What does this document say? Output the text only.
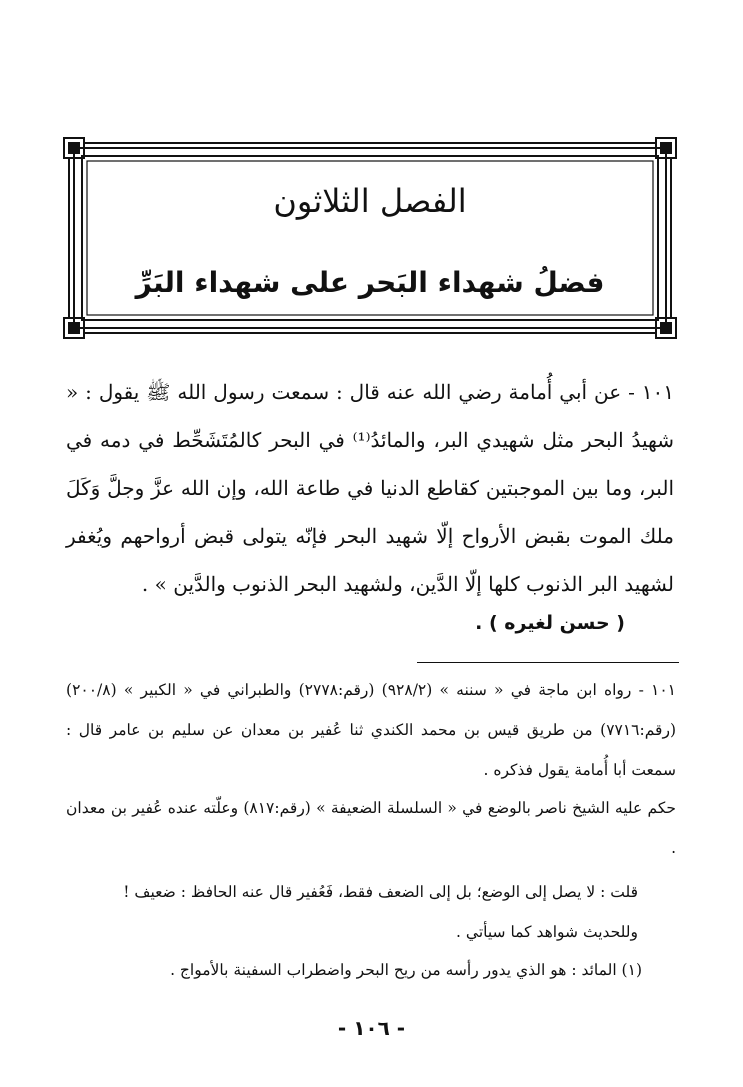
الفصل الثلاثون
فضلُ شهداء البَحر على شهداء البَرِّ

١٠١ - عن أبي أُمامة رضي الله عنه قال : سمعت رسول الله ﷺ يقول : « شهيدُ البحر مثل شهيدي البر، والمائدُ⁽¹⁾ في البحر كالمُتَشَحِّط في دمه في البر، وما بين الموجبتين كقاطع الدنيا في طاعة الله، وإن الله عزَّ وجلَّ وَكَلَ ملك الموت بقبض الأرواح إلّا شهيد البحر فإنّه يتولى قبض أرواحهم ويُغفر لشهيد البر الذنوب كلها إلّا الدَّين، ولشهيد البحر الذنوب والدَّين » .

( حسن لغيره ) .
١٠١ - رواه ابن ماجة في « سننه » (٩٢٨/٢) (رقم:٢٧٧٨) والطبراني في « الكبير » (٢٠٠/٨) (رقم:٧٧١٦) من طريق قيس بن محمد الكندي ثنا عُفير بن معدان عن سليم بن عامر قال : سمعت أبا أُمامة يقول فذكره .
حكم عليه الشيخ ناصر بالوضع في « السلسلة الضعيفة » (رقم:٨١٧) وعلّته عنده عُفير بن معدان .
قلت : لا يصل إلى الوضع؛ بل إلى الضعف فقط، فَعُفير قال عنه الحافظ : ضعيف !
وللحديث شواهد كما سيأتي .
(١) المائد : هو الذي يدور رأسه من ريح البحر واضطراب السفينة بالأمواج .
- ١٠٦ -
